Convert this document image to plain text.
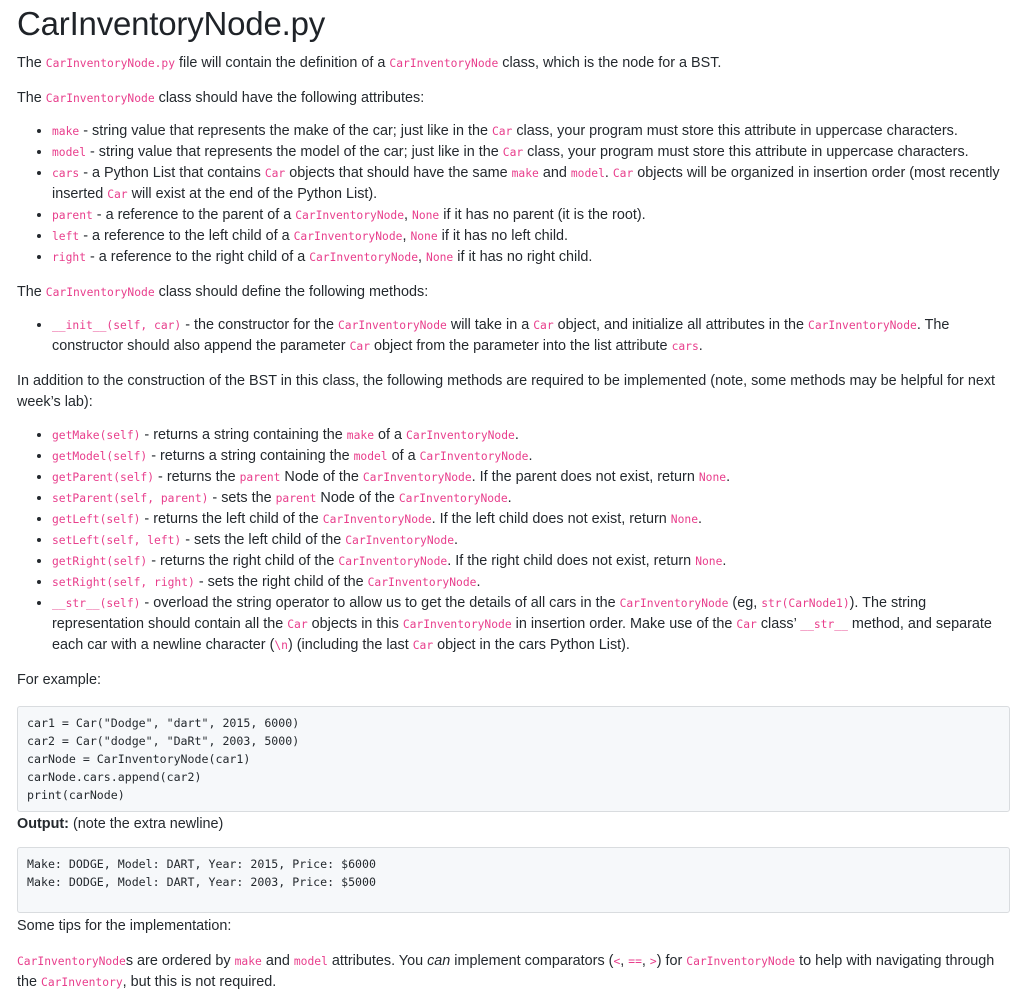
CarInventoryNode.py

The CarInventoryNode.py file will contain the definition of a CarInventoryNode class, which is the node for a BST.

The CarInventoryNode class should have the following attributes:

• make - string value that represents the make of the car; just like in the Car class, your program must store this attribute in uppercase characters.
• model - string value that represents the model of the car; just like in the Car class, your program must store this attribute in uppercase characters.
• cars - a Python List that contains Car objects that should have the same make and model. Car objects will be organized in insertion order (most recently inserted Car will exist at the end of the Python List).
• parent - a reference to the parent of a CarInventoryNode, None if it has no parent (it is the root).
• left - a reference to the left child of a CarInventoryNode, None if it has no left child.
• right - a reference to the right child of a CarInventoryNode, None if it has no right child.

The CarInventoryNode class should define the following methods:

• __init__(self, car) - the constructor for the CarInventoryNode will take in a Car object, and initialize all attributes in the CarInventoryNode. The constructor should also append the parameter Car object from the parameter into the list attribute cars.

In addition to the construction of the BST in this class, the following methods are required to be implemented (note, some methods may be helpful for next week’s lab):

• getMake(self) - returns a string containing the make of a CarInventoryNode.
• getModel(self) - returns a string containing the model of a CarInventoryNode.
• getParent(self) - returns the parent Node of the CarInventoryNode. If the parent does not exist, return None.
• setParent(self, parent) - sets the parent Node of the CarInventoryNode.
• getLeft(self) - returns the left child of the CarInventoryNode. If the left child does not exist, return None.
• setLeft(self, left) - sets the left child of the CarInventoryNode.
• getRight(self) - returns the right child of the CarInventoryNode. If the right child does not exist, return None.
• setRight(self, right) - sets the right child of the CarInventoryNode.
• __str__(self) - overload the string operator to allow us to get the details of all cars in the CarInventoryNode (eg, str(CarNode1)). The string representation should contain all the Car objects in this CarInventoryNode in insertion order. Make use of the Car class’ __str__ method, and separate each car with a newline character (\n) (including the last Car object in the cars Python List).

For example:

car1 = Car("Dodge", "dart", 2015, 6000)
car2 = Car("dodge", "DaRt", 2003, 5000)
carNode = CarInventoryNode(car1)
carNode.cars.append(car2)
print(carNode)

Output: (note the extra newline)

Make: DODGE, Model: DART, Year: 2015, Price: $6000
Make: DODGE, Model: DART, Year: 2003, Price: $5000

Some tips for the implementation:

CarInventoryNodes are ordered by make and model attributes. You can implement comparators (<, ==, >) for CarInventoryNode to help with navigating through the CarInventory, but this is not required.
